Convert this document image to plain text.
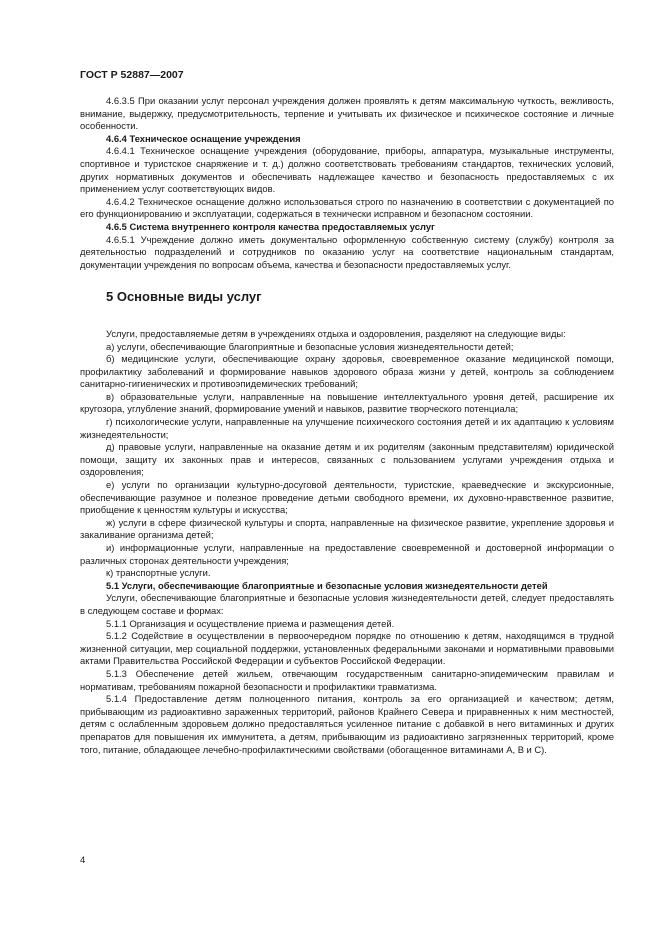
ГОСТ Р 52887—2007

4.6.3.5 При оказании услуг персонал учреждения должен проявлять к детям максимальную чуткость, вежливость, внимание, выдержку, предусмотрительность, терпение и учитывать их физическое и психическое состояние и личные особенности.

4.6.4 Техническое оснащение учреждения

4.6.4.1 Техническое оснащение учреждения (оборудование, приборы, аппаратура, музыкальные инструменты, спортивное и туристское снаряжение и т. д.) должно соответствовать требованиям стандартов, технических условий, других нормативных документов и обеспечивать надлежащее качество и безопасность предоставляемых с их применением услуг соответствующих видов.

4.6.4.2 Техническое оснащение должно использоваться строго по назначению в соответствии с документацией по его функционированию и эксплуатации, содержаться в технически исправном и безопасном состоянии.

4.6.5 Система внутреннего контроля качества предоставляемых услуг

4.6.5.1 Учреждение должно иметь документально оформленную собственную систему (службу) контроля за деятельностью подразделений и сотрудников по оказанию услуг на соответствие национальным стандартам, документации учреждения по вопросам объема, качества и безопасности предоставляемых услуг.

5 Основные виды услуг

Услуги, предоставляемые детям в учреждениях отдыха и оздоровления, разделяют на следующие виды:

а) услуги, обеспечивающие благоприятные и безопасные условия жизнедеятельности детей;

б) медицинские услуги, обеспечивающие охрану здоровья, своевременное оказание медицинской помощи, профилактику заболеваний и формирование навыков здорового образа жизни у детей, контроль за соблюдением санитарно-гигиенических и противоэпидемических требований;

в) образовательные услуги, направленные на повышение интеллектуального уровня детей, расширение их кругозора, углубление знаний, формирование умений и навыков, развитие творческого потенциала;

г) психологические услуги, направленные на улучшение психического состояния детей и их адаптацию к условиям жизнедеятельности;

д) правовые услуги, направленные на оказание детям и их родителям (законным представителям) юридической помощи, защиту их законных прав и интересов, связанных с пользованием услугами учреждения отдыха и оздоровления;

е) услуги по организации культурно-досуговой деятельности, туристские, краеведческие и экскурсионные, обеспечивающие разумное и полезное проведение детьми свободного времени, их духовно-нравственное развитие, приобщение к ценностям культуры и искусства;

ж) услуги в сфере физической культуры и спорта, направленные на физическое развитие, укрепление здоровья и закаливание организма детей;

и) информационные услуги, направленные на предоставление своевременной и достоверной информации о различных сторонах деятельности учреждения;

к) транспортные услуги.

5.1 Услуги, обеспечивающие благоприятные и безопасные условия жизнедеятельности детей

Услуги, обеспечивающие благоприятные и безопасные условия жизнедеятельности детей, следует предоставлять в следующем составе и формах:

5.1.1 Организация и осуществление приема и размещения детей.

5.1.2 Содействие в осуществлении в первоочередном порядке по отношению к детям, находящимся в трудной жизненной ситуации, мер социальной поддержки, установленных федеральными законами и нормативными правовыми актами Правительства Российской Федерации и субъектов Российской Федерации.

5.1.3 Обеспечение детей жильем, отвечающим государственным санитарно-эпидемическим правилам и нормативам, требованиям пожарной безопасности и профилактики травматизма.

5.1.4 Предоставление детям полноценного питания, контроль за его организацией и качеством; детям, прибывающим из радиоактивно зараженных территорий, районов Крайнего Севера и приравненных к ним местностей, детям с ослабленным здоровьем должно предоставляться усиленное питание с добавкой в него витаминных и других препаратов для повышения их иммунитета, а детям, прибывающим из радиоактивно загрязненных территорий, кроме того, питание, обладающее лечебно-профилактическими свойствами (обогащенное витаминами А, В и С).

4
